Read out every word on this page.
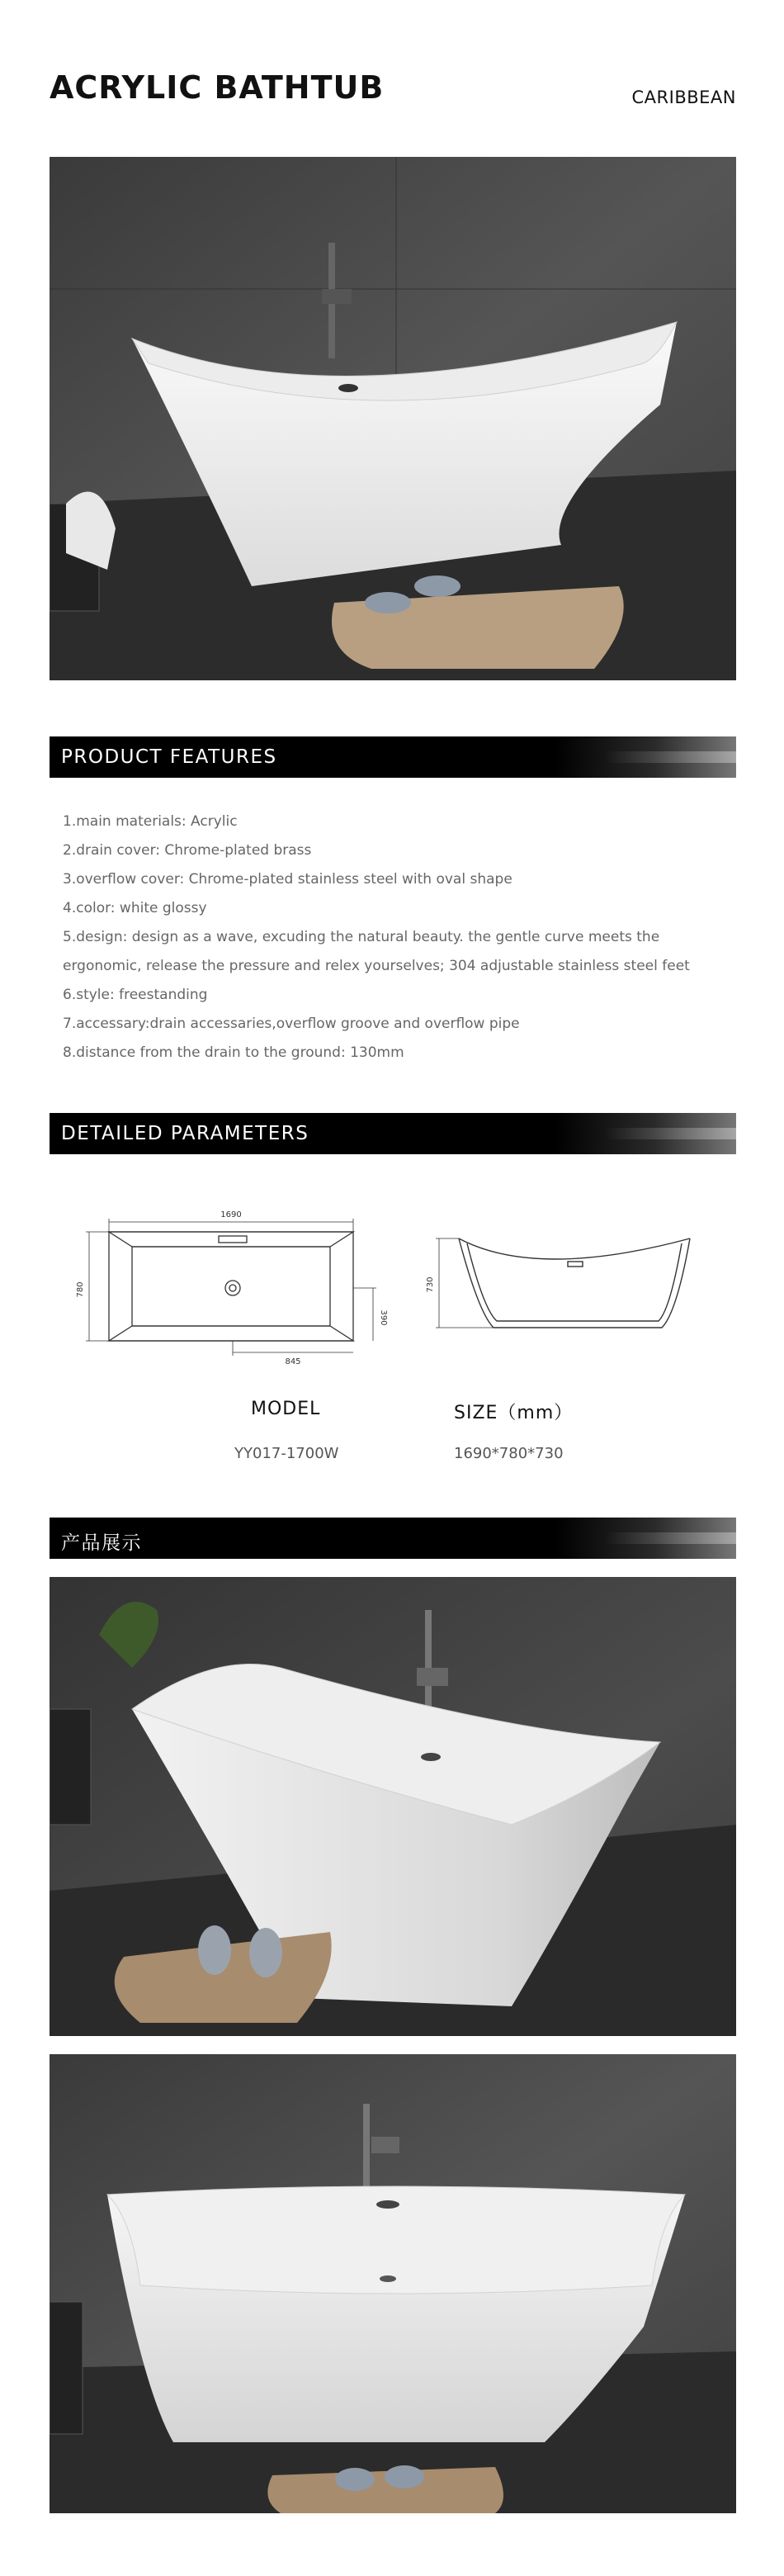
ACRYLIC BATHTUB	CARIBBEAN
PRODUCT FEATURES
1.main materials: Acrylic
2.drain cover: Chrome-plated brass
3.overflow cover: Chrome-plated stainless steel with oval shape
4.color: white glossy
5.design: design as a wave, excuding the natural beauty. the gentle curve meets the
ergonomic, release the pressure and relex yourselves; 304 adjustable stainless steel feet
6.style: freestanding
7.accessary:drain accessaries,overflow groove and overflow pipe
8.distance from the drain to the ground: 130mm
DETAILED PARAMETERS
1690
780
390
845
730
MODEL	SIZE（mm）
YY017-1700W	1690*780*730
产品展示
